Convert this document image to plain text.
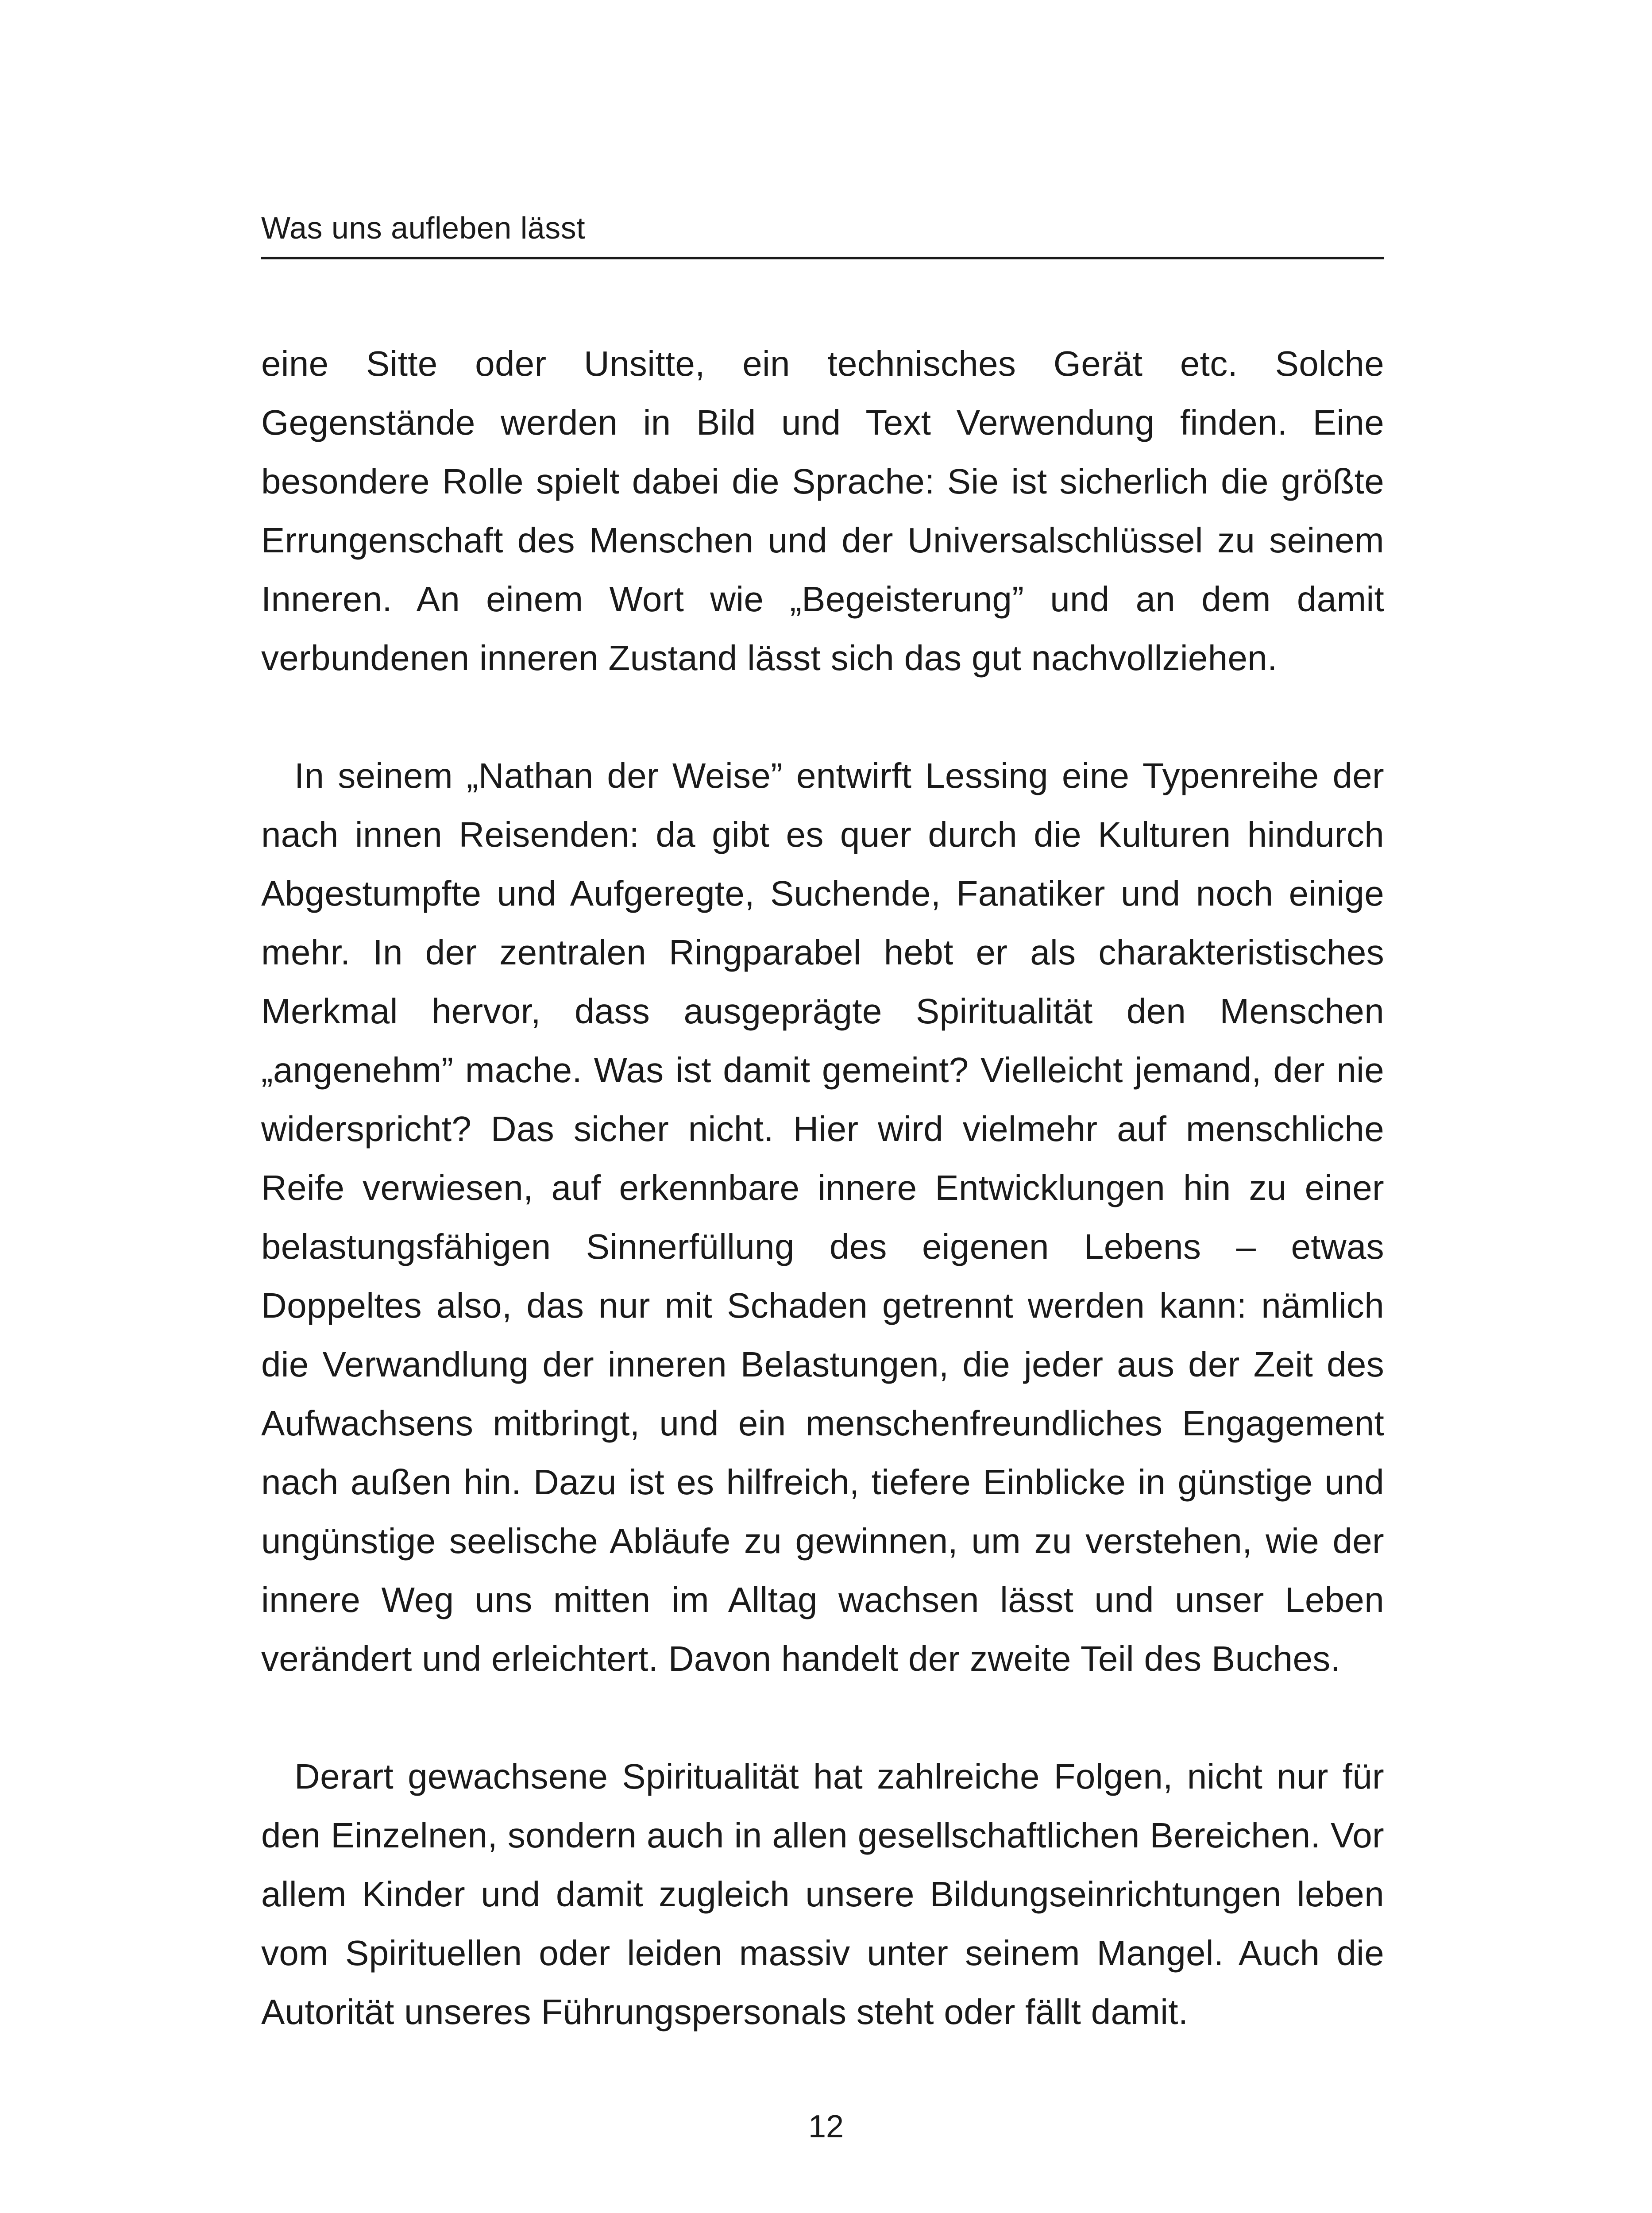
Was uns aufleben lässt

eine Sitte oder Unsitte, ein technisches Gerät etc. Solche Gegenstände werden in Bild und Text Verwendung finden. Eine besondere Rolle spielt dabei die Sprache: Sie ist sicherlich die größte Errungenschaft des Menschen und der Universalschlüssel zu seinem Inneren. An einem Wort wie „Begeisterung” und an dem damit verbundenen inneren Zustand lässt sich das gut nachvollziehen.

In seinem „Nathan der Weise” entwirft Lessing eine Typenreihe der nach innen Reisenden: da gibt es quer durch die Kulturen hindurch Abgestumpfte und Aufgeregte, Suchende, Fanatiker und noch einige mehr. In der zentralen Ringparabel hebt er als charakteristisches Merkmal hervor, dass ausgeprägte Spiritualität den Menschen „angenehm” mache. Was ist damit gemeint? Vielleicht jemand, der nie widerspricht? Das sicher nicht. Hier wird vielmehr auf menschliche Reife verwiesen, auf erkennbare innere Entwicklungen hin zu einer belastungsfähigen Sinnerfüllung des eigenen Lebens – etwas Doppeltes also, das nur mit Schaden getrennt werden kann: nämlich die Verwandlung der inneren Belastungen, die jeder aus der Zeit des Aufwachsens mitbringt, und ein menschenfreundliches Engagement nach außen hin. Dazu ist es hilfreich, tiefere Einblicke in günstige und ungünstige seelische Abläufe zu gewinnen, um zu verstehen, wie der innere Weg uns mitten im Alltag wachsen lässt und unser Leben verändert und erleichtert. Davon handelt der zweite Teil des Buches.

Derart gewachsene Spiritualität hat zahlreiche Folgen, nicht nur für den Einzelnen, sondern auch in allen gesellschaftlichen Bereichen. Vor allem Kinder und damit zugleich unsere Bildungseinrichtungen leben vom Spirituellen oder leiden massiv unter seinem Mangel. Auch die Autorität unseres Führungspersonals steht oder fällt damit.

12
